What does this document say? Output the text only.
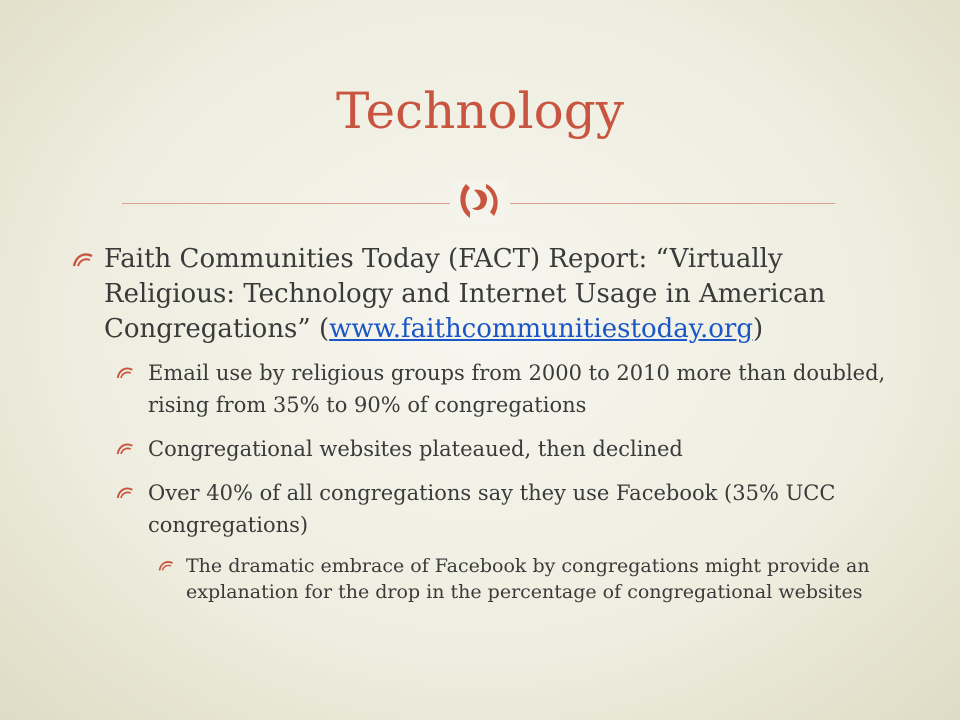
Technology
Faith Communities Today (FACT) Report: “Virtually Religious: Technology and Internet Usage in American Congregations” (www.faithcommunitiestoday.org)
Email use by religious groups from 2000 to 2010 more than doubled, rising from 35% to 90% of congregations
Congregational websites plateaued, then declined
Over 40% of all congregations say they use Facebook (35% UCC congregations)
The dramatic embrace of Facebook by congregations might provide an explanation for the drop in the percentage of congregational websites
